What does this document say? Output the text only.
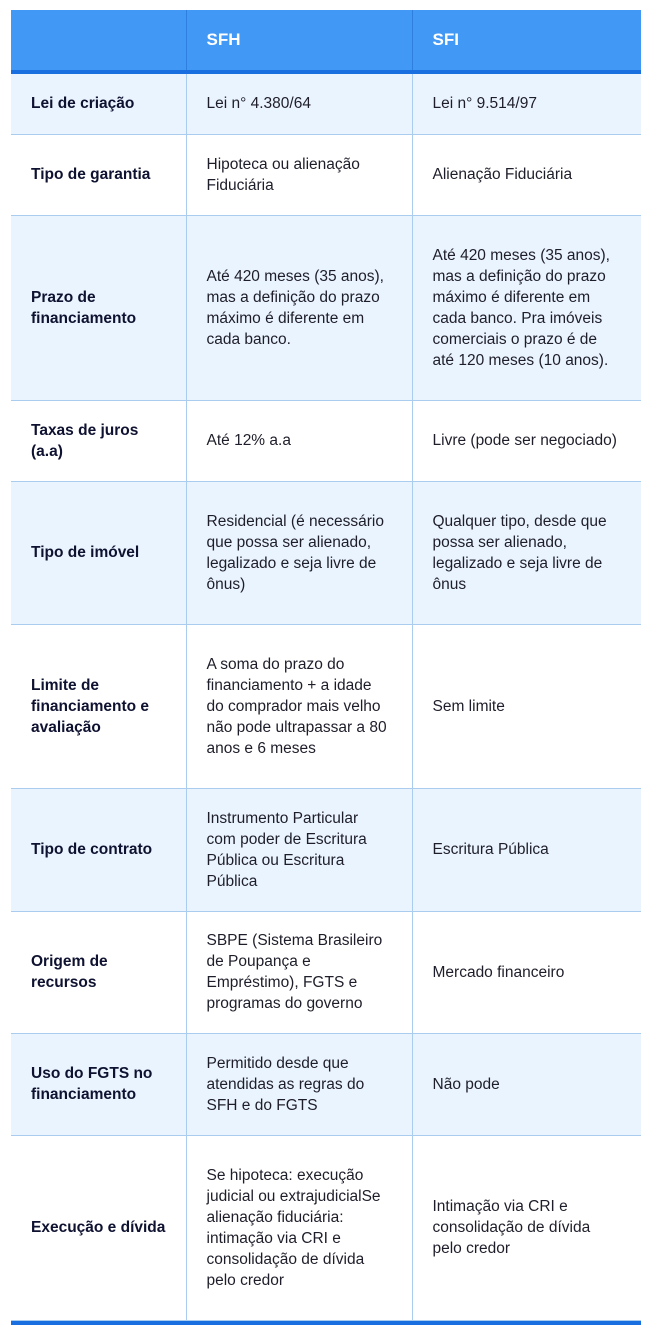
	SFH	SFI
Lei de criação	Lei n° 4.380/64	Lei n° 9.514/97
Tipo de garantia	Hipoteca ou alienação Fiduciária	Alienação Fiduciária
Prazo de financiamento	Até 420 meses (35 anos), mas a definição do prazo máximo é diferente em cada banco.	Até 420 meses (35 anos), mas a definição do prazo máximo é diferente em cada banco. Pra imóveis comerciais o prazo é de até 120 meses (10 anos).
Taxas de juros (a.a)	Até 12% a.a	Livre (pode ser negociado)
Tipo de imóvel	Residencial (é necessário que possa ser alienado, legalizado e seja livre de ônus)	Qualquer tipo, desde que possa ser alienado, legalizado e seja livre de ônus
Limite de financiamento e avaliação	A soma do prazo do financiamento + a idade do comprador mais velho não pode ultrapassar a 80 anos e 6 meses	Sem limite
Tipo de contrato	Instrumento Particular com poder de Escritura Pública ou Escritura Pública	Escritura Pública
Origem de recursos	SBPE (Sistema Brasileiro de Poupança e Empréstimo), FGTS e programas do governo	Mercado financeiro
Uso do FGTS no financiamento	Permitido desde que atendidas as regras do SFH e do FGTS	Não pode
Execução e dívida	Se hipoteca: execução judicial ou extrajudicialSe alienação fiduciária: intimação via CRI e consolidação de dívida pelo credor	Intimação via CRI e consolidação de dívida pelo credor
